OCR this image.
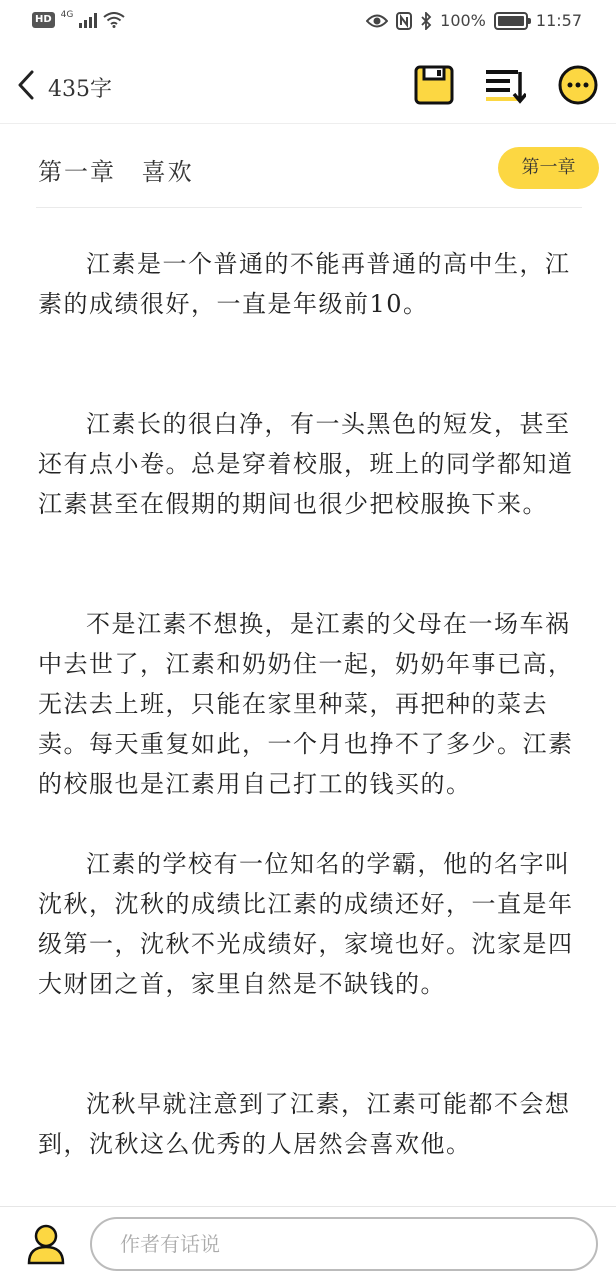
HD	4G	100%	11:57
435字
第一章 喜欢	第一章

江素是一个普通的不能再普通的高中生，江素的成绩很好，一直是年级前10。

江素长的很白净，有一头黑色的短发，甚至还有点小卷。总是穿着校服，班上的同学都知道江素甚至在假期的期间也很少把校服换下来。

不是江素不想换，是江素的父母在一场车祸中去世了，江素和奶奶住一起，奶奶年事已高，无法去上班，只能在家里种菜，再把种的菜去卖。每天重复如此，一个月也挣不了多少。江素的校服也是江素用自己打工的钱买的。

江素的学校有一位知名的学霸，他的名字叫沈秋，沈秋的成绩比江素的成绩还好，一直是年级第一，沈秋不光成绩好，家境也好。沈家是四大财团之首，家里自然是不缺钱的。

沈秋早就注意到了江素，江素可能都不会想到，沈秋这么优秀的人居然会喜欢他。

作者有话说
